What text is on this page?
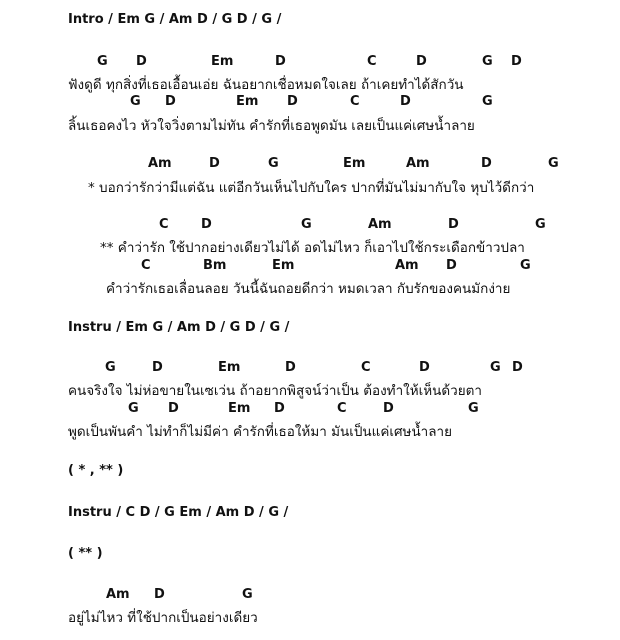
Intro / Em G / Am D / G D / G /
G D	Em	D	C	D	G D
ฟังดูดี ทุกสิ่งที่เธอเอื้อนเอ่ย ฉันอยากเชื่อหมดใจเลย ถ้าเคยทำได้สักวัน
G D	Em D	C	D	G
ลิ้นเธอคงไว หัวใจวิ่งตามไม่ทัน คำรักที่เธอพูดมัน เลยเป็นแค่เศษน้ำลาย
Am	D	G	Em	Am	D	G
* บอกว่ารักว่ามีแต่ฉัน แต่อีกวันเห็นไปกับใคร ปากที่มันไม่มากับใจ หุบไว้ดีกว่า
C D	G	Am	D	G
** คำว่ารัก ใช้ปากอย่างเดียวไม่ได้ อดไม่ไหว ก็เอาไปใช้กระเดือกข้าวปลา
C	Bm	Em	Am D	G
คำว่ารักเธอเลื่อนลอย วันนี้ฉันถอยดีกว่า หมดเวลา กับรักของคนมักง่าย
Instru / Em G / Am D / G D / G /
G	D	Em	D	C	D	G D
คนจริงใจ ไม่ห่อขายในเซเว่น ถ้าอยากพิสูจน์ว่าเป็น ต้องทำให้เห็นด้วยตา
G D	Em D	C	D	G
พูดเป็นพันคำ ไม่ทำก็ไม่มีค่า คำรักที่เธอให้มา มันเป็นแค่เศษน้ำลาย
( * , ** )
Instru / C D / G Em / Am D / G /
( ** )
Am D	G
อยู่ไม่ไหว ที่ใช้ปากเป็นอย่างเดียว
